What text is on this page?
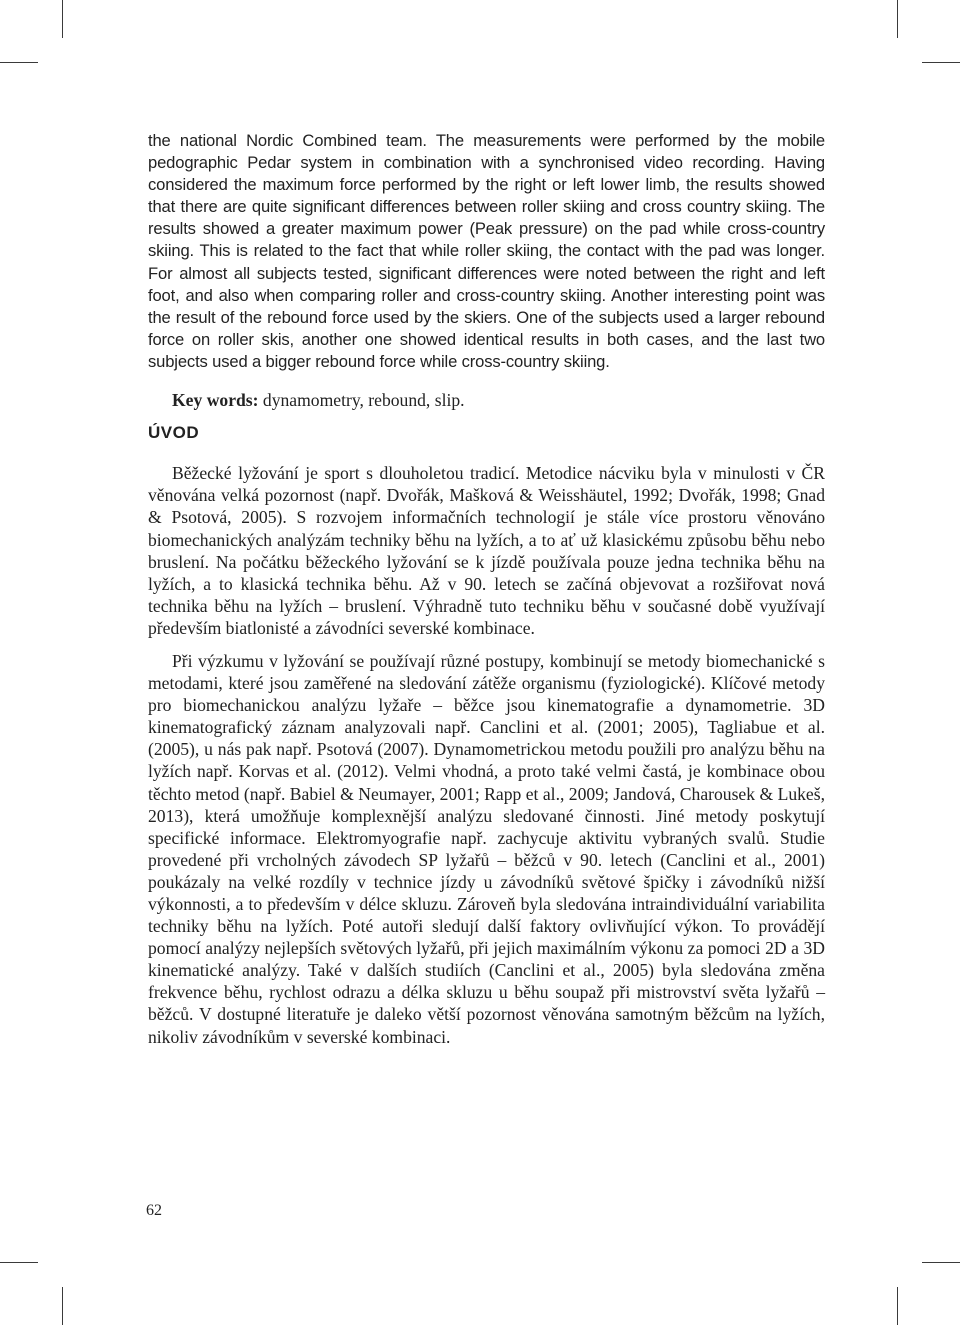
the national Nordic Combined team. The measurements were performed by the mobile pedographic Pedar system in combination with a synchronised video recording. Having considered the maximum force performed by the right or left lower limb, the results showed that there are quite significant differences between roller skiing and cross country skiing. The results showed a greater maximum power (Peak pressure) on the pad while cross-country skiing. This is related to the fact that while roller skiing, the contact with the pad was longer. For almost all subjects tested, significant differences were noted between the right and left foot, and also when comparing roller and cross-country skiing. Another interesting point was the result of the rebound force used by the skiers. One of the subjects used a larger rebound force on roller skis, another one showed identical results in both cases, and the last two subjects used a bigger rebound force while cross-country skiing.

Key words: dynamometry, rebound, slip.

ÚVOD

Běžecké lyžování je sport s dlouholetou tradicí. Metodice nácviku byla v minulosti v ČR věnována velká pozornost (např. Dvořák, Mašková & Weisshäutel, 1992; Dvořák, 1998; Gnad & Psotová, 2005). S rozvojem informačních technologií je stále více prostoru věnováno biomechanických analýzám techniky běhu na lyžích, a to ať už klasickému způsobu běhu nebo bruslení. Na počátku běžeckého lyžování se k jízdě používala pouze jedna technika běhu na lyžích, a to klasická technika běhu. Až v 90. letech se začíná objevovat a rozšiřovat nová technika běhu na lyžích – bruslení. Výhradně tuto techniku běhu v současné době využívají především biatlonisté a závodníci severské kombinace.

Při výzkumu v lyžování se používají různé postupy, kombinují se metody biomechanické s metodami, které jsou zaměřené na sledování zátěže organismu (fyziologické). Klíčové metody pro biomechanickou analýzu lyžaře – běžce jsou kinematografie a dynamometrie. 3D kinematografický záznam analyzovali např. Canclini et al. (2001; 2005), Tagliabue et al. (2005), u nás pak např. Psotová (2007). Dynamometrickou metodu použili pro analýzu běhu na lyžích např. Korvas et al. (2012). Velmi vhodná, a proto také velmi častá, je kombinace obou těchto metod (např. Babiel & Neumayer, 2001; Rapp et al., 2009; Jandová, Charousek & Lukeš, 2013), která umožňuje komplexnější analýzu sledované činnosti. Jiné metody poskytují specifické informace. Elektromyografie např. zachycuje aktivitu vybraných svalů. Studie provedené při vrcholných závodech SP lyžařů – běžců v 90. letech (Canclini et al., 2001) poukázaly na velké rozdíly v technice jízdy u závodníků světové špičky i závodníků nižší výkonnosti, a to především v délce skluzu. Zároveň byla sledována intraindividuální variabilita techniky běhu na lyžích. Poté autoři sledují další faktory ovlivňující výkon. To provádějí pomocí analýzy nejlepších světových lyžařů, při jejich maximálním výkonu za pomoci 2D a 3D kinematické analýzy. Také v dalších studiích (Canclini et al., 2005) byla sledována změna frekvence běhu, rychlost odrazu a délka skluzu u běhu soupaž při mistrovství světa lyžařů – běžců. V dostupné literatuře je daleko větší pozornost věnována samotným běžcům na lyžích, nikoliv závodníkům v severské kombinaci.

62
